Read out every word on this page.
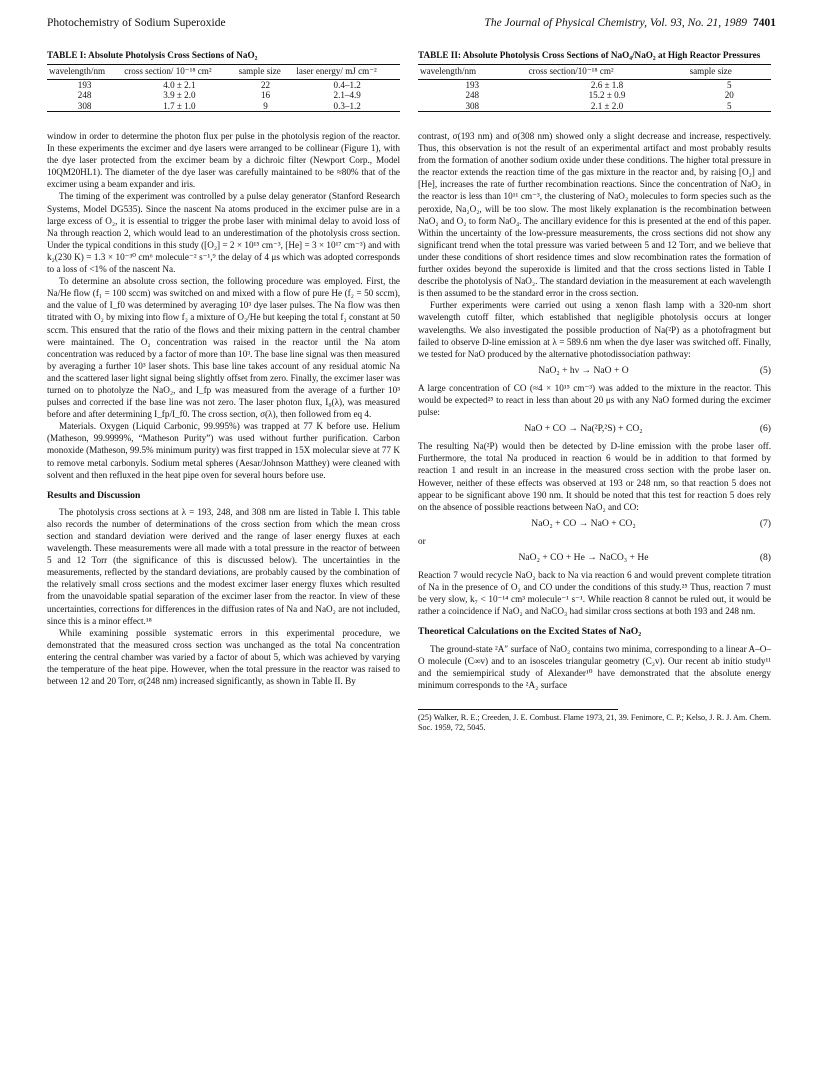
Photochemistry of Sodium Superoxide	The Journal of Physical Chemistry, Vol. 93, No. 21, 1989 7401
TABLE I: Absolute Photolysis Cross Sections of NaO₂
wavelength/nm	cross section/ 10⁻¹⁸ cm²	sample size	laser energy/ mJ cm⁻²
193	4.0 ± 2.1	22	0.4–1.2
248	3.9 ± 2.0	16	2.1–4.9
308	1.7 ± 1.0	9	0.3–1.2

window in order to determine the photon flux per pulse in the photolysis region of the reactor. In these experiments the excimer and dye lasers were arranged to be collinear (Figure 1), with the dye laser protected from the excimer beam by a dichroic filter (Newport Corp., Model 10QM20HL1). The diameter of the dye laser was carefully maintained to be ≈80% that of the excimer using a beam expander and iris.

The timing of the experiment was controlled by a pulse delay generator (Stanford Research Systems, Model DG535). Since the nascent Na atoms produced in the excimer pulse are in a large excess of O₂, it is essential to trigger the probe laser with minimal delay to avoid loss of Na through reaction 2, which would lead to an underestimation of the photolysis cross section. Under the typical conditions in this study ([O₂] = 2 × 10¹⁵ cm⁻³, [He] = 3 × 10¹⁷ cm⁻³) and with k₂(230 K) = 1.3 × 10⁻³⁰ cm⁶ molecule⁻² s⁻¹,⁹ the delay of 4 μs which was adopted corresponds to a loss of <1% of the nascent Na.

To determine an absolute cross section, the following procedure was employed. First, the Na/He flow (f₁ = 100 sccm) was switched on and mixed with a flow of pure He (f₂ = 50 sccm), and the value of I_f0 was determined by averaging 10³ dye laser pulses. The Na flow was then titrated with O₂ by mixing into flow f₂ a mixture of O₂/He but keeping the total f₂ constant at 50 sccm. This ensured that the ratio of the flows and their mixing pattern in the central chamber were maintained. The O₂ concentration was raised in the reactor until the Na atom concentration was reduced by a factor of more than 10³. The base line signal was then measured by averaging a further 10³ laser shots. This base line takes account of any residual atomic Na and the scattered laser light signal being slightly offset from zero. Finally, the excimer laser was turned on to photolyze the NaO₂, and I_fp was measured from the average of a further 10³ pulses and corrected if the base line was not zero. The laser photon flux, I₀(λ), was measured before and after determining I_fp/I_f0. The cross section, σ(λ), then followed from eq 4.

Materials. Oxygen (Liquid Carbonic, 99.995%) was trapped at 77 K before use. Helium (Matheson, 99.9999%, “Matheson Purity”) was used without further purification. Carbon monoxide (Matheson, 99.5% minimum purity) was first trapped in 15X molecular sieve at 77 K to remove metal carbonyls. Sodium metal spheres (Aesar/Johnson Matthey) were cleaned with solvent and then refluxed in the heat pipe oven for several hours before use.

Results and Discussion

The photolysis cross sections at λ = 193, 248, and 308 nm are listed in Table I. This table also records the number of determinations of the cross section from which the mean cross section and standard deviation were derived and the range of laser energy fluxes at each wavelength. These measurements were all made with a total pressure in the reactor of between 5 and 12 Torr (the significance of this is discussed below). The uncertainties in the measurements, reflected by the standard deviations, are probably caused by the combination of the relatively small cross sections and the modest excimer laser energy fluxes which resulted from the unavoidable spatial separation of the excimer laser from the reactor. In view of these uncertainties, corrections for differences in the diffusion rates of Na and NaO₂ are not included, since this is a minor effect.¹⁸

While examining possible systematic errors in this experimental procedure, we demonstrated that the measured cross section was unchanged as the total Na concentration entering the central chamber was varied by a factor of about 5, which was achieved by varying the temperature of the heat pipe. However, when the total pressure in the reactor was raised to between 12 and 20 Torr, σ(248 nm) increased significantly, as shown in Table II. By

TABLE II: Absolute Photolysis Cross Sections of NaO₄/NaO₂ at High Reactor Pressures
wavelength/nm	cross section/10⁻¹⁸ cm²	sample size
193	2.6 ± 1.8	5
248	15.2 ± 0.9	20
308	2.1 ± 2.0	5

contrast, σ(193 nm) and σ(308 nm) showed only a slight decrease and increase, respectively. Thus, this observation is not the result of an experimental artifact and most probably results from the formation of another sodium oxide under these conditions. The higher total pressure in the reactor extends the reaction time of the gas mixture in the reactor and, by raising [O₂] and [He], increases the rate of further recombination reactions. Since the concentration of NaO₂ in the reactor is less than 10¹¹ cm⁻³, the clustering of NaO₂ molecules to form species such as the peroxide, Na₂O₂, will be too slow. The most likely explanation is the recombination between NaO₂ and O₂ to form NaO₄. The ancillary evidence for this is presented at the end of this paper. Within the uncertainty of the low-pressure measurements, the cross sections did not show any significant trend when the total pressure was varied between 5 and 12 Torr, and we believe that under these conditions of short residence times and slow recombination rates the formation of further oxides beyond the superoxide is limited and that the cross sections listed in Table I describe the photolysis of NaO₂. The standard deviation in the measurement at each wavelength is then assumed to be the standard error in the cross section.

Further experiments were carried out using a xenon flash lamp with a 320-nm short wavelength cutoff filter, which established that negligible photolysis occurs at longer wavelengths. We also investigated the possible production of Na(²P) as a photofragment but failed to observe D-line emission at λ = 589.6 nm when the dye laser was switched off. Finally, we tested for NaO produced by the alternative photodissociation pathway:

NaO₂ + hν → NaO + O	(5)

A large concentration of CO (≈4 × 10¹⁵ cm⁻³) was added to the mixture in the reactor. This would be expected²⁵ to react in less than about 20 μs with any NaO formed during the excimer pulse:

NaO + CO → Na(²P,²S) + CO₂	(6)

The resulting Na(²P) would then be detected by D-line emission with the probe laser off. Furthermore, the total Na produced in reaction 6 would be in addition to that formed by reaction 1 and result in an increase in the measured cross section with the probe laser on. However, neither of these effects was observed at 193 or 248 nm, so that reaction 5 does not appear to be significant above 190 nm. It should be noted that this test for reaction 5 does rely on the absence of possible reactions between NaO₂ and CO:

NaO₂ + CO → NaO + CO₂	(7)

or

NaO₂ + CO + He → NaCO₃ + He	(8)

Reaction 7 would recycle NaO₂ back to Na via reaction 6 and would prevent complete titration of Na in the presence of O₂ and CO under the conditions of this study.²⁵ Thus, reaction 7 must be very slow, k₇ < 10⁻¹⁴ cm³ molecule⁻¹ s⁻¹. While reaction 8 cannot be ruled out, it would be rather a coincidence if NaO₂ and NaCO₃ had similar cross sections at both 193 and 248 nm.

Theoretical Calculations on the Excited States of NaO₂

The ground-state ²A″ surface of NaO₂ contains two minima, corresponding to a linear A–O–O molecule (C∞v) and to an isosceles triangular geometry (C₂v). Our recent ab initio study¹¹ and the semiempirical study of Alexander¹⁰ have demonstrated that the absolute energy minimum corresponds to the ²A₂ surface

(25) Walker, R. E.; Creeden, J. E. Combust. Flame 1973, 21, 39. Fenimore, C. P.; Kelso, J. R. J. Am. Chem. Soc. 1959, 72, 5045.
